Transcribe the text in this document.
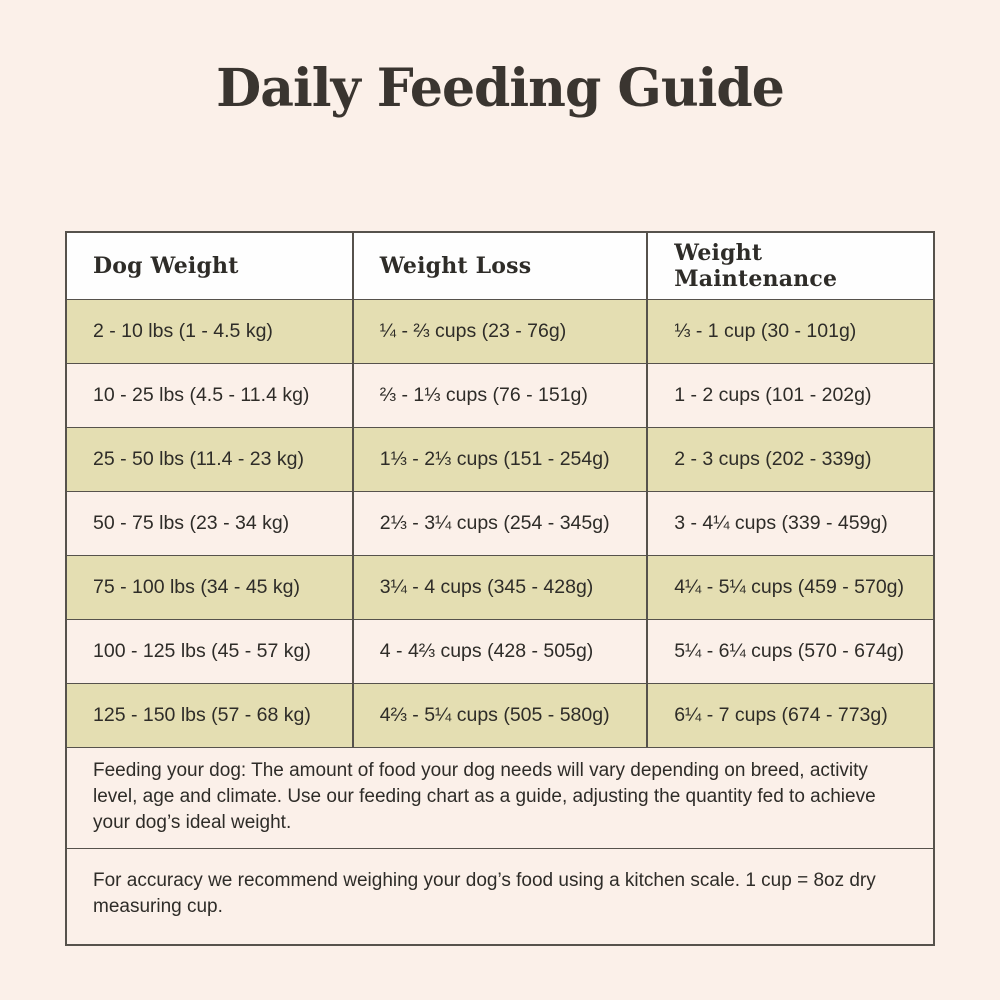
Daily Feeding Guide
Dog Weight	Weight Loss	Weight Maintenance
2 - 10 lbs (1 - 4.5 kg)	¼ - ⅔ cups (23 - 76g)	⅓ - 1 cup (30 - 101g)
10 - 25 lbs (4.5 - 11.4 kg)	⅔ - 1⅓ cups (76 - 151g)	1 - 2 cups (101 - 202g)
25 - 50 lbs (11.4 - 23 kg)	1⅓ - 2⅓ cups (151 - 254g)	2 - 3 cups (202 - 339g)
50 - 75 lbs (23 - 34 kg)	2⅓ - 3¼ cups (254 - 345g)	3 - 4¼ cups (339 - 459g)
75 - 100 lbs (34 - 45 kg)	3¼ - 4 cups (345 - 428g)	4¼ - 5¼ cups (459 - 570g)
100 - 125 lbs (45 - 57 kg)	4 - 4⅔ cups (428 - 505g)	5¼ - 6¼ cups (570 - 674g)
125 - 150 lbs (57 - 68 kg)	4⅔ - 5¼ cups (505 - 580g)	6¼ - 7 cups (674 - 773g)
Feeding your dog: The amount of food your dog needs will vary depending on breed, activity level, age and climate. Use our feeding chart as a guide, adjusting the quantity fed to achieve your dog’s ideal weight.
For accuracy we recommend weighing your dog’s food using a kitchen scale. 1 cup = 8oz dry measuring cup.
